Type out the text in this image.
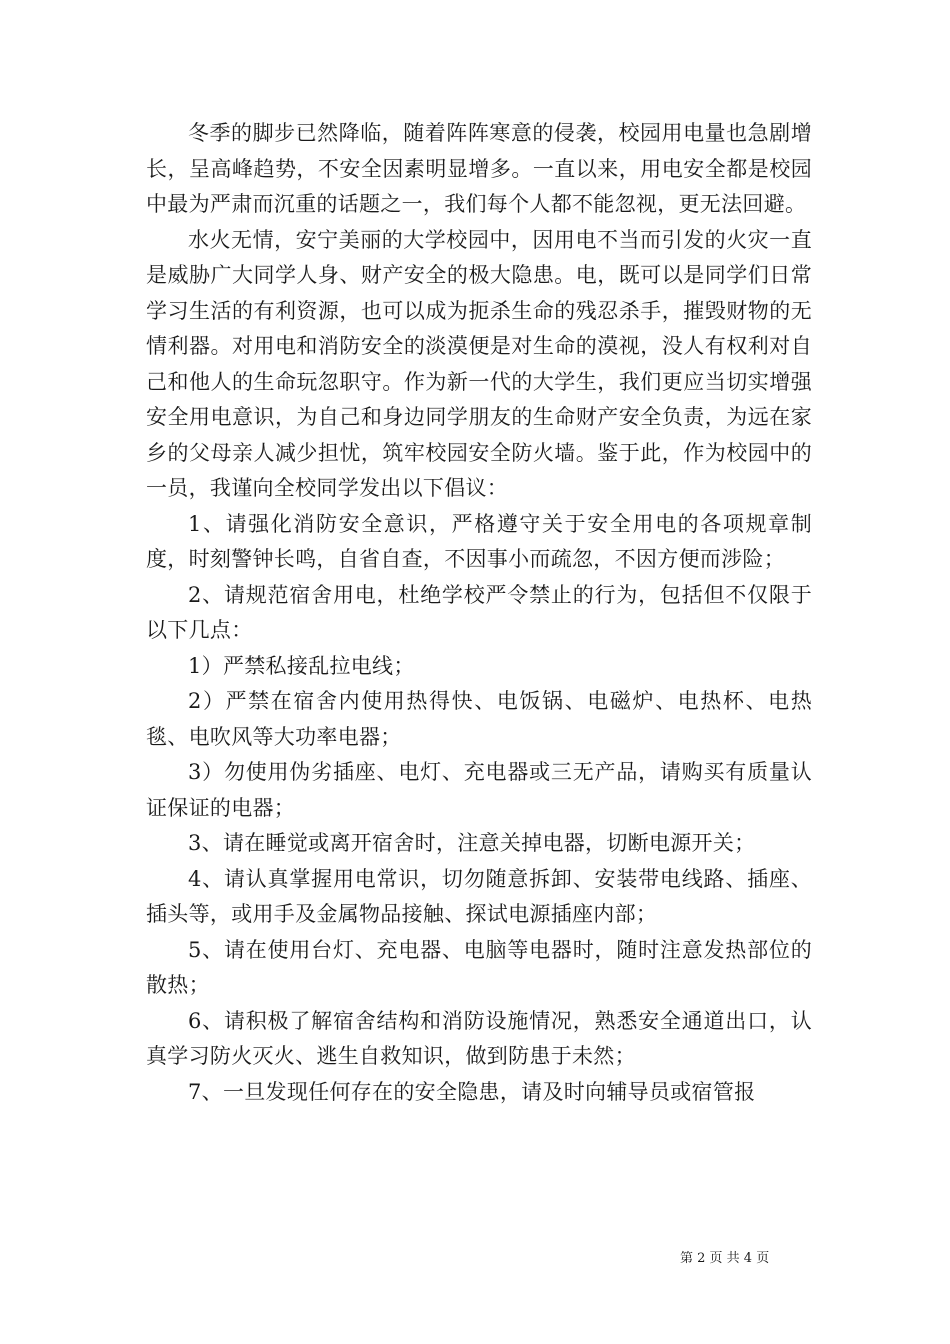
冬季的脚步已然降临，随着阵阵寒意的侵袭，校园用电量也急剧增长，呈高峰趋势，不安全因素明显增多。一直以来，用电安全都是校园中最为严肃而沉重的话题之一，我们每个人都不能忽视，更无法回避。

水火无情，安宁美丽的大学校园中，因用电不当而引发的火灾一直是威胁广大同学人身、财产安全的极大隐患。电，既可以是同学们日常学习生活的有利资源，也可以成为扼杀生命的残忍杀手，摧毁财物的无情利器。对用电和消防安全的淡漠便是对生命的漠视，没人有权利对自己和他人的生命玩忽职守。作为新一代的大学生，我们更应当切实增强安全用电意识，为自己和身边同学朋友的生命财产安全负责，为远在家乡的父母亲人减少担忧，筑牢校园安全防火墙。鉴于此，作为校园中的一员，我谨向全校同学发出以下倡议：

1、请强化消防安全意识，严格遵守关于安全用电的各项规章制度，时刻警钟长鸣，自省自查，不因事小而疏忽，不因方便而涉险；

2、请规范宿舍用电，杜绝学校严令禁止的行为，包括但不仅限于以下几点：

1）严禁私接乱拉电线；

2）严禁在宿舍内使用热得快、电饭锅、电磁炉、电热杯、电热毯、电吹风等大功率电器；

3）勿使用伪劣插座、电灯、充电器或三无产品，请购买有质量认证保证的电器；

3、请在睡觉或离开宿舍时，注意关掉电器，切断电源开关；

4、请认真掌握用电常识，切勿随意拆卸、安装带电线路、插座、插头等，或用手及金属物品接触、探试电源插座内部；

5、请在使用台灯、充电器、电脑等电器时，随时注意发热部位的散热；

6、请积极了解宿舍结构和消防设施情况，熟悉安全通道出口，认真学习防火灭火、逃生自救知识，做到防患于未然；

7、一旦发现任何存在的安全隐患，请及时向辅导员或宿管报

第 2 页 共 4 页
